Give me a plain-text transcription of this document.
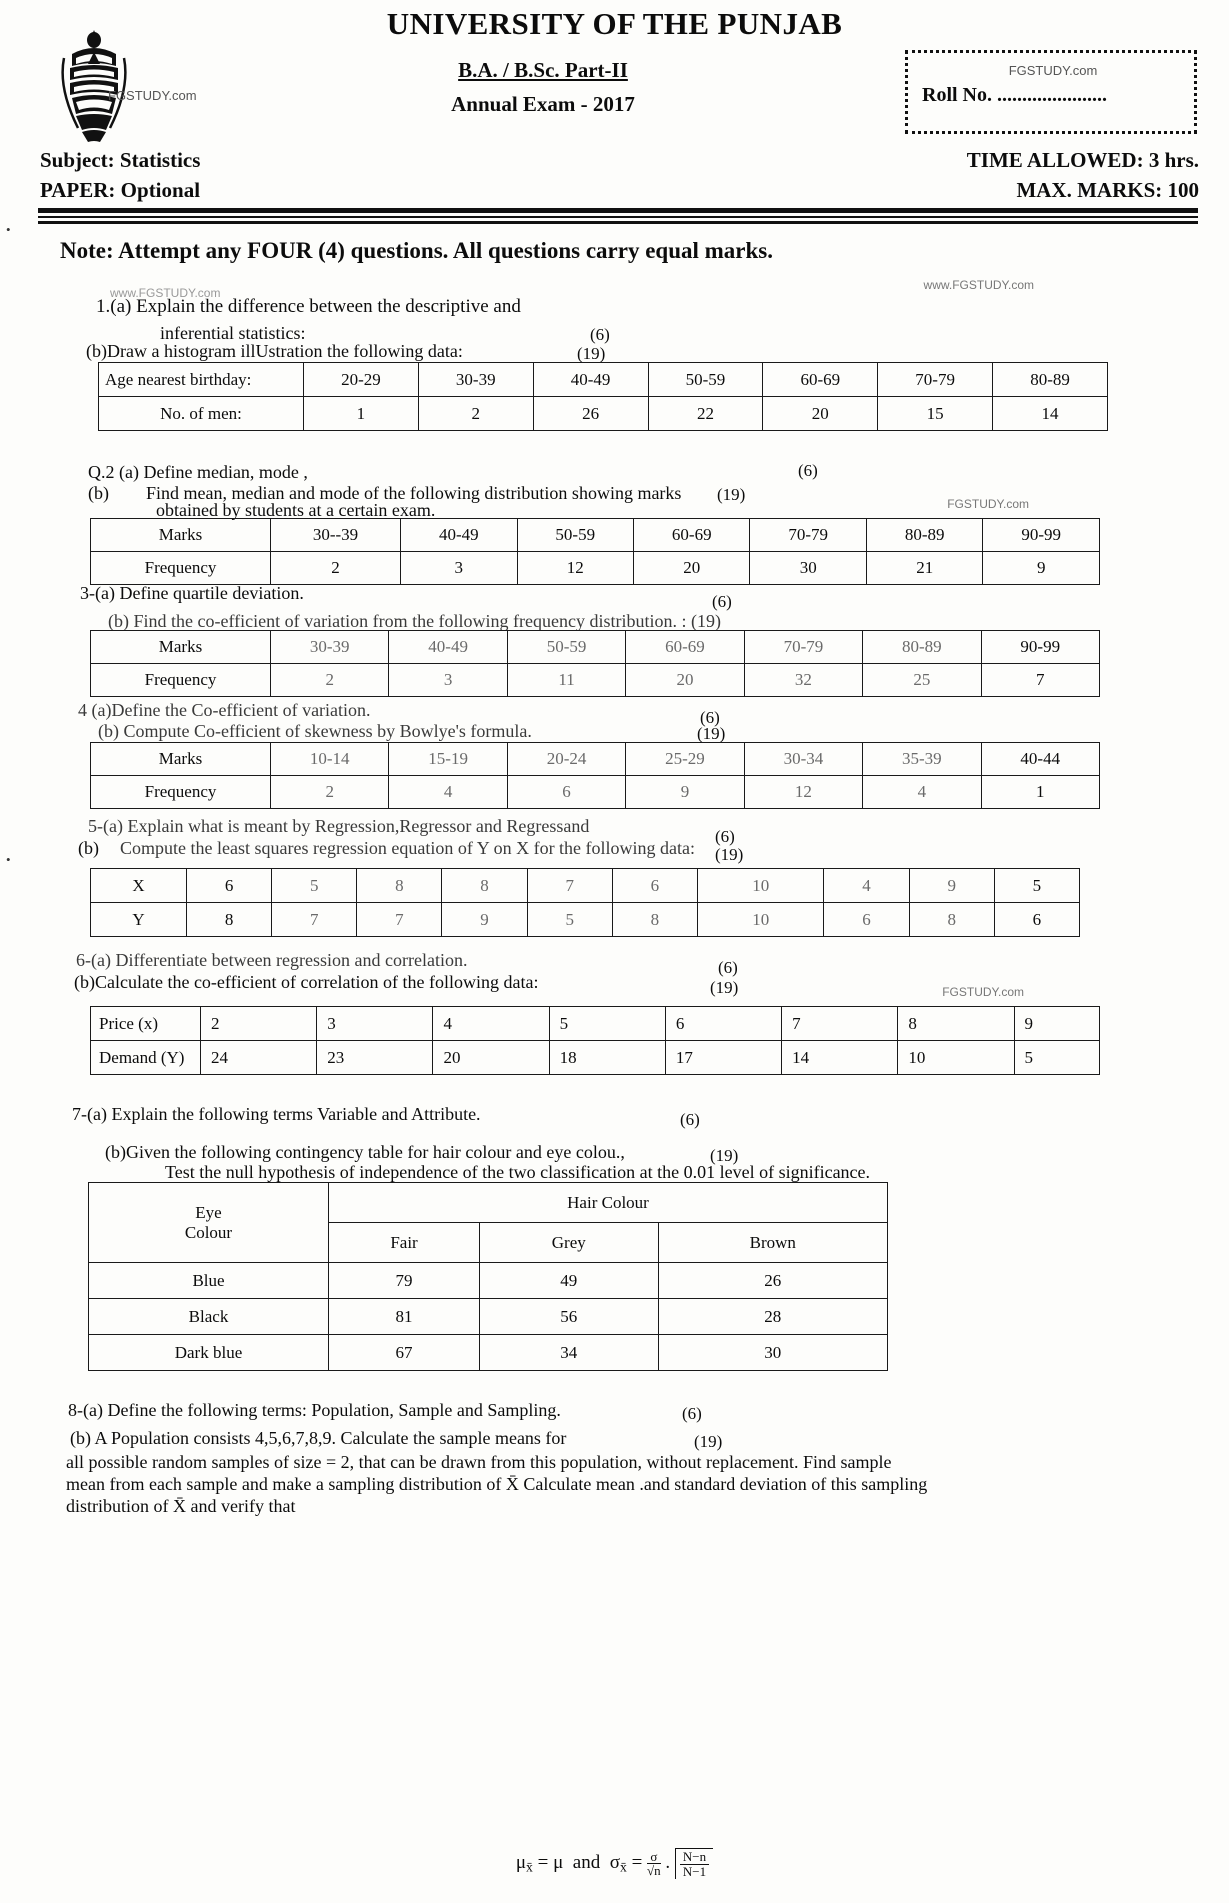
UNIVERSITY OF THE PUNJAB
FGSTUDY.com
B.A. / B.Sc. Part-II
Annual Exam - 2017
FGSTUDY.com
Roll No. ......................
Subject: Statistics
PAPER: Optional
TIME ALLOWED: 3 hrs.
MAX. MARKS: 100
Note: Attempt any FOUR (4) questions. All questions carry equal marks.
www.FGSTUDY.com
www.FGSTUDY.com
FGSTUDY.com
FGSTUDY.com
•
•
1.(a) Explain the difference between the descriptive and
inferential statistics:	(6)
(b)Draw a histogram illUstration the following data:	(19)
Age nearest birthday:	20-29	30-39	40-49	50-59	60-69	70-79	80-89
No. of men:	1	2	26	22	20	15	14
Q.2 (a) Define median, mode ,	(6)
(b) Find mean, median and mode of the following distribution showing marks (19)
obtained by students at a certain exam.
Marks	30--39	40-49	50-59	60-69	70-79	80-89	90-99
Frequency	2	3	12	20	30	21	9
3-(a) Define quartile deviation.	(6)
(b) Find the co-efficient of variation from the following frequency distribution. : (19)
Marks	30-39	40-49	50-59	60-69	70-79	80-89	90-99
Frequency	2	3	11	20	32	25	7
4 (a)Define the Co-efficient of variation.	(6)
(b) Compute Co-efficient of skewness by Bowlye's formula.	(19)
Marks	10-14	15-19	20-24	25-29	30-34	35-39	40-44
Frequency	2	4	6	9	12	4	1
5-(a) Explain what is meant by Regression,Regressor and Regressand
(6)
(b) Compute the least squares regression equation of Y on X for the following data: (19)
X	6	5	8	8	7	6	10	4	9	5
Y	8	7	7	9	5	8	10	6	8	6
6-(a) Differentiate between regression and correlation.	(6)
(b)Calculate the co-efficient of correlation of the following data:	(19)
Price (x)	2	3	4	5	6	7	8	9
Demand (Y)	24	23	20	18	17	14	10	5
7-(a) Explain the following terms Variable and Attribute.	(6)
(b)Given the following contingency table for hair colour and eye colou.,	(19)
Test the null hypothesis of independence of the two classification at the 0.01 level of significance.
Eye
Colour	Hair Colour		
	Fair	Grey	Brown
Blue	79	49	26
Black	81	56	28
Dark blue	67	34	30
8-(a) Define the following terms: Population, Sample and Sampling.	(6)
(b) A Population consists 4,5,6,7,8,9. Calculate the sample means for	(19)
all possible random samples of size = 2, that can be drawn from this population, without replacement. Find sample
mean from each sample and make a sampling distribution of X̄ Calculate mean .and standard deviation of this sampling
distribution of X̄ and verify that
$\mu_{x̄} = \mu$ and $\sigma_{x̄} = \frac{\sigma}{√n}$ . $\frac{N-n}{N-1}$
